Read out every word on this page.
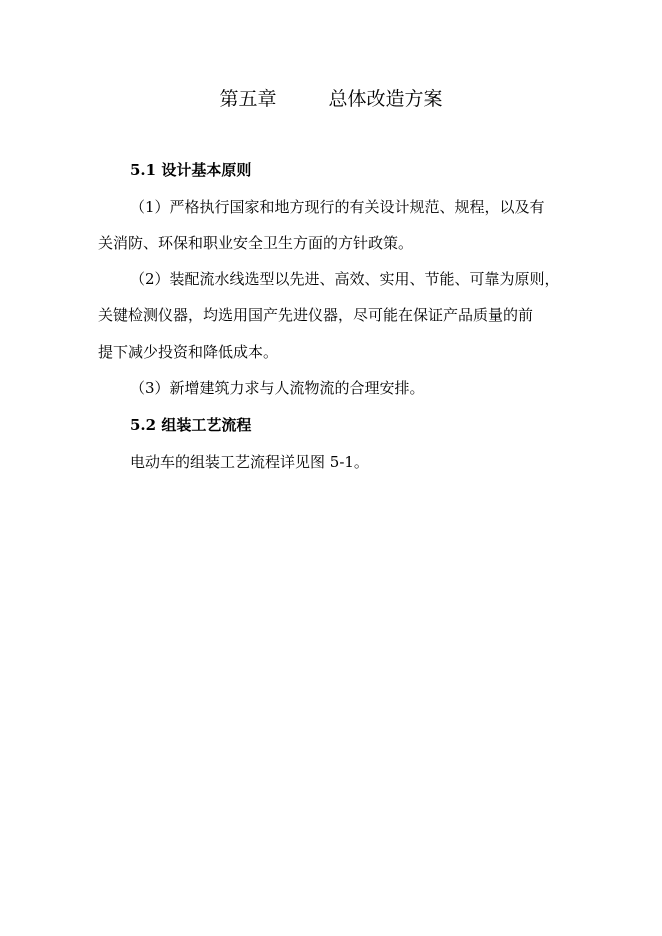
第五章	总体改造方案
5.1 设计基本原则
（1）严格执行国家和地方现行的有关设计规范、规程，以及有
关消防、环保和职业安全卫生方面的方针政策。
（2）装配流水线选型以先进、高效、实用、节能、可靠为原则，
关键检测仪器，均选用国产先进仪器，尽可能在保证产品质量的前
提下减少投资和降低成本。
（3）新增建筑力求与人流物流的合理安排。
5.2 组装工艺流程
电动车的组装工艺流程详见图 5-1。
